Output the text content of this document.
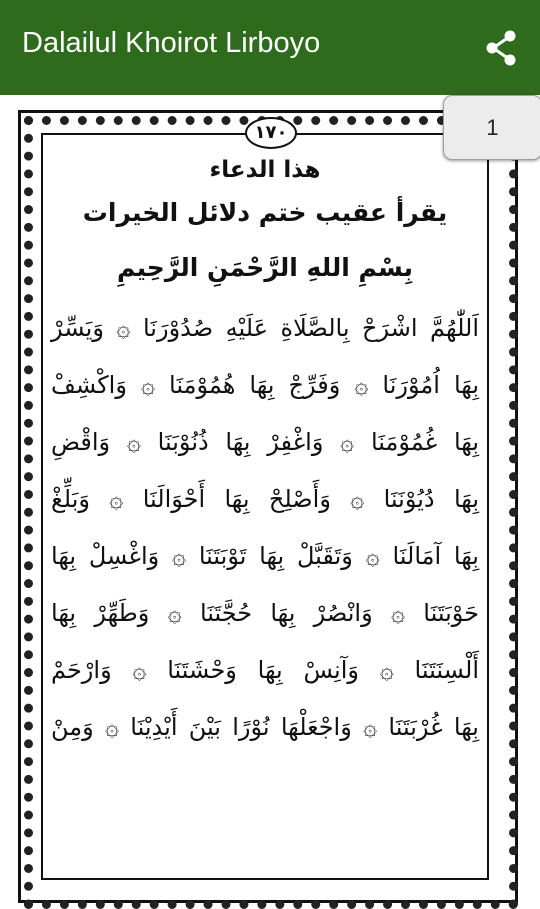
Dalailul Khoirot Lirboyo
١٧٠
هذا الدعاء
يقرأ عقيب ختم دلائل الخيرات
بِسْمِ اللهِ الرَّحْمَنِ الرَّحِيمِ
اَللّٰهُمَّ اشْرَحْ بِالصَّلَاةِ عَلَيْهِ صُدُوْرَنَا ۞ وَيَسِّرْ
بِهَا اُمُوْرَنَا ۞ وَفَرِّجْ بِهَا هُمُوْمَنَا ۞ وَاكْشِفْ
بِهَا غُمُوْمَنَا ۞ وَاغْفِرْ بِهَا ذُنُوْبَنَا ۞ وَاقْضِ
بِهَا دُيُوْنَنَا ۞ وَأَصْلِحْ بِهَا أَحْوَالَنَا ۞ وَبَلِّغْ
بِهَا آمَالَنَا ۞ وَتَقَبَّلْ بِهَا تَوْبَتَنَا ۞ وَاغْسِلْ بِهَا
حَوْبَتَنَا ۞ وَانْصُرْ بِهَا حُجَّتَنَا ۞ وَطَهِّرْ بِهَا
أَلْسِنَتَنَا ۞ وَآنِسْ بِهَا وَحْشَتَنَا ۞ وَارْحَمْ
بِهَا غُرْبَتَنَا ۞ وَاجْعَلْهَا نُوْرًا بَيْنَ أَيْدِيْنَا ۞ وَمِنْ
1
